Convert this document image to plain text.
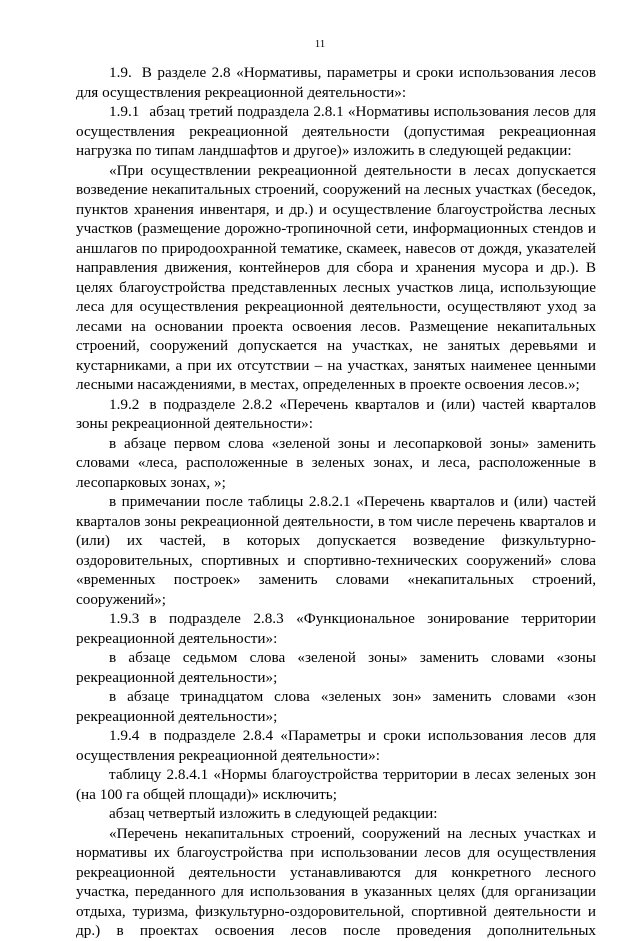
11

1.9. В разделе 2.8 «Нормативы, параметры и сроки использования лесов для осуществления рекреационной деятельности»:

1.9.1 абзац третий подраздела 2.8.1 «Нормативы использования лесов для осуществления рекреационной деятельности (допустимая рекреационная нагрузка по типам ландшафтов и другое)» изложить в следующей редакции:

«При осуществлении рекреационной деятельности в лесах допускается возведение некапитальных строений, сооружений на лесных участках (беседок, пунктов хранения инвентаря, и др.) и осуществление благоустройства лесных участков (размещение дорожно-тропиночной сети, информационных стендов и аншлагов по природоохранной тематике, скамеек, навесов от дождя, указателей направления движения, контейнеров для сбора и хранения мусора и др.). В целях благоустройства представленных лесных участков лица, использующие леса для осуществления рекреационной деятельности, осуществляют уход за лесами на основании проекта освоения лесов. Размещение некапитальных строений, сооружений допускается на участках, не занятых деревьями и кустарниками, а при их отсутствии – на участках, занятых наименее ценными лесными насаждениями, в местах, определенных в проекте освоения лесов.»;

1.9.2 в подразделе 2.8.2 «Перечень кварталов и (или) частей кварталов зоны рекреационной деятельности»:

в абзаце первом слова «зеленой зоны и лесопарковой зоны» заменить словами «леса, расположенные в зеленых зонах, и леса, расположенные в лесопарковых зонах, »;

в примечании после таблицы 2.8.2.1 «Перечень кварталов и (или) частей кварталов зоны рекреационной деятельности, в том числе перечень кварталов и (или) их частей, в которых допускается возведение физкультурно-оздоровительных, спортивных и спортивно-технических сооружений» слова «временных построек» заменить словами «некапитальных строений, сооружений»;

1.9.3 в подразделе 2.8.3 «Функциональное зонирование территории рекреационной деятельности»:

в абзаце седьмом слова «зеленой зоны» заменить словами «зоны рекреационной деятельности»;

в абзаце тринадцатом слова «зеленых зон» заменить словами «зон рекреационной деятельности»;

1.9.4 в подразделе 2.8.4 «Параметры и сроки использования лесов для осуществления рекреационной деятельности»:

таблицу 2.8.4.1 «Нормы благоустройства территории в лесах зеленых зон (на 100 га общей площади)» исключить;

абзац четвертый изложить в следующей редакции:

«Перечень некапитальных строений, сооружений на лесных участках и нормативы их благоустройства при использовании лесов для осуществления рекреационной деятельности устанавливаются для конкретного лесного участка, переданного для использования в указанных целях (для организации отдыха, туризма, физкультурно-оздоровительной, спортивной деятельности и др.) в проектах освоения лесов после проведения дополнительных
